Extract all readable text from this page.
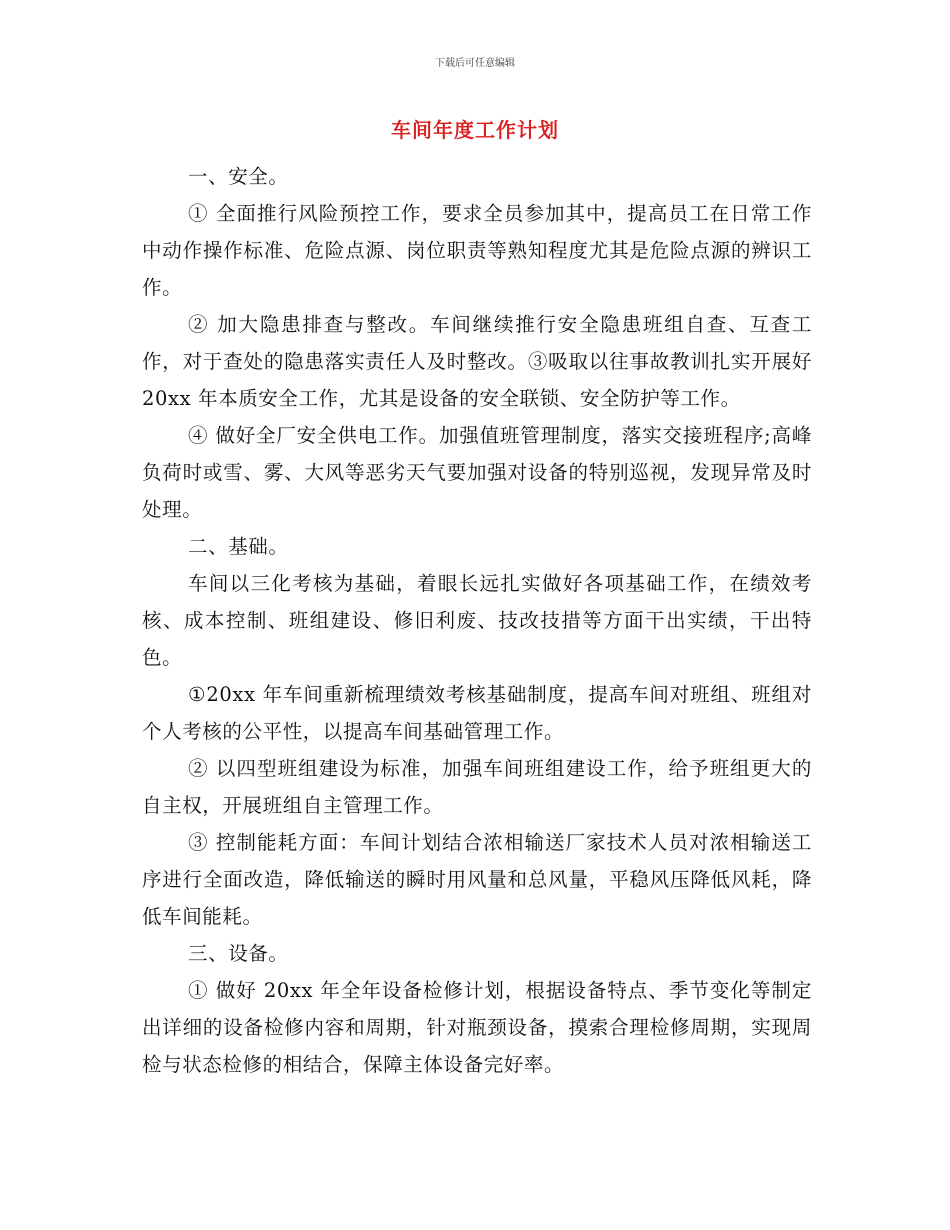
下载后可任意编辑
车间年度工作计划

一、安全。

① 全面推行风险预控工作，要求全员参加其中，提高员工在日常工作中动作操作标准、危险点源、岗位职责等熟知程度尤其是危险点源的辨识工作。

② 加大隐患排查与整改。车间继续推行安全隐患班组自查、互查工作，对于查处的隐患落实责任人及时整改。③吸取以往事故教训扎实开展好 20xx 年本质安全工作，尤其是设备的安全联锁、安全防护等工作。

④ 做好全厂安全供电工作。加强值班管理制度，落实交接班程序;高峰负荷时或雪、雾、大风等恶劣天气要加强对设备的特别巡视，发现异常及时处理。

二、基础。

车间以三化考核为基础，着眼长远扎实做好各项基础工作，在绩效考核、成本控制、班组建设、修旧利废、技改技措等方面干出实绩，干出特色。

①20xx 年车间重新梳理绩效考核基础制度，提高车间对班组、班组对个人考核的公平性，以提高车间基础管理工作。

② 以四型班组建设为标准，加强车间班组建设工作，给予班组更大的自主权，开展班组自主管理工作。

③ 控制能耗方面：车间计划结合浓相输送厂家技术人员对浓相输送工序进行全面改造，降低输送的瞬时用风量和总风量，平稳风压降低风耗，降低车间能耗。

三、设备。

① 做好 20xx 年全年设备检修计划，根据设备特点、季节变化等制定出详细的设备检修内容和周期，针对瓶颈设备，摸索合理检修周期，实现周检与状态检修的相结合，保障主体设备完好率。
